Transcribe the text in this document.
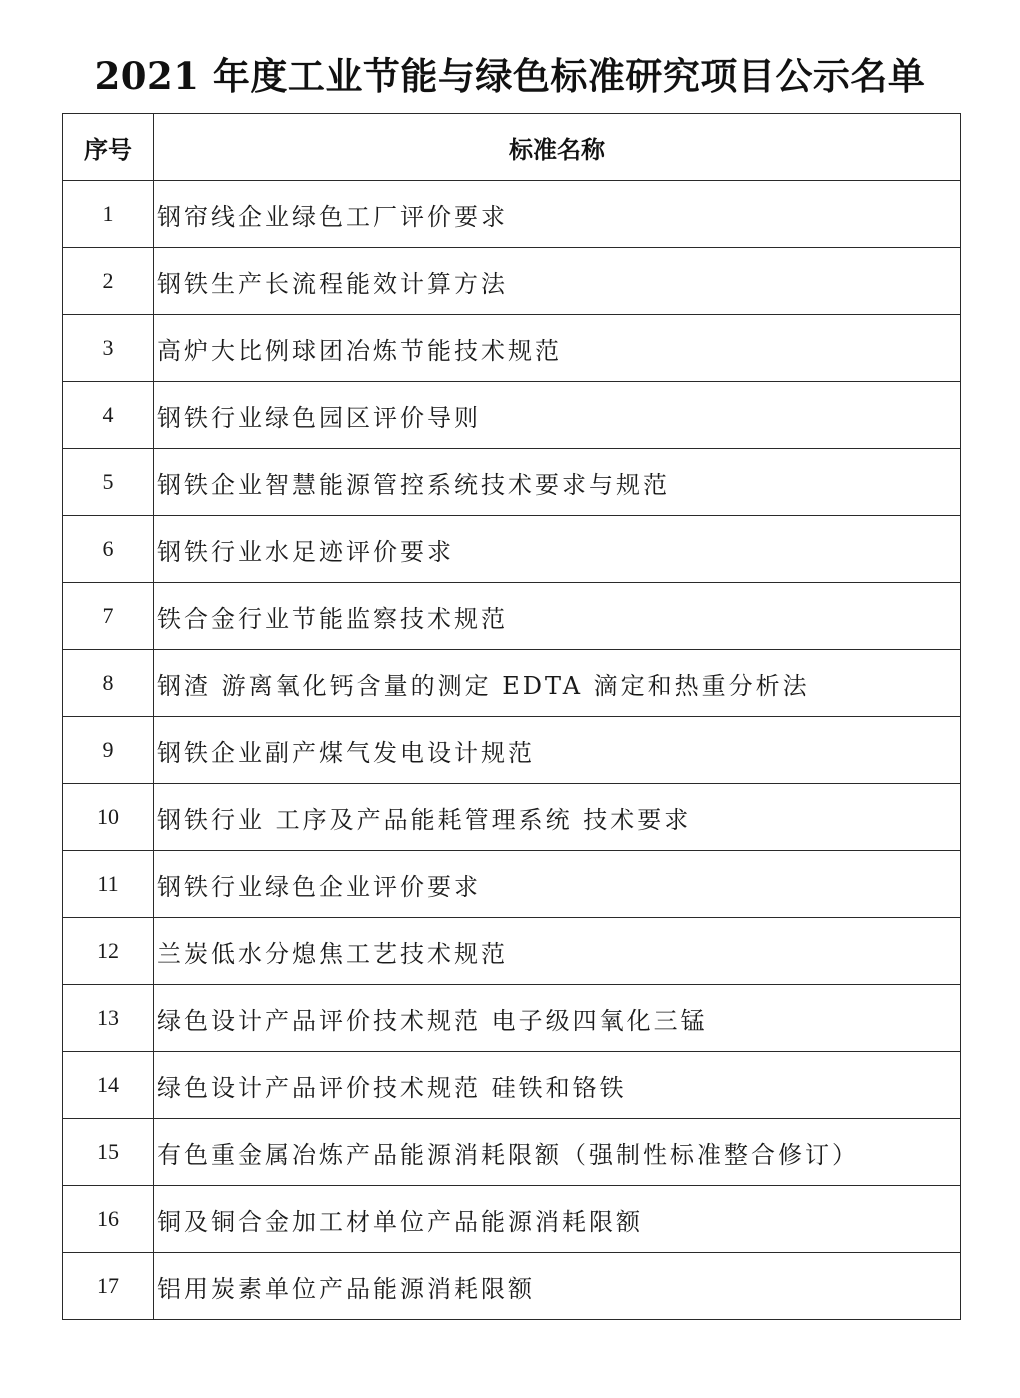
2021 年度工业节能与绿色标准研究项目公示名单
序号	标准名称
1	钢帘线企业绿色工厂评价要求
2	钢铁生产长流程能效计算方法
3	高炉大比例球团冶炼节能技术规范
4	钢铁行业绿色园区评价导则
5	钢铁企业智慧能源管控系统技术要求与规范
6	钢铁行业水足迹评价要求
7	铁合金行业节能监察技术规范
8	钢渣 游离氧化钙含量的测定 EDTA 滴定和热重分析法
9	钢铁企业副产煤气发电设计规范
10	钢铁行业 工序及产品能耗管理系统 技术要求
11	钢铁行业绿色企业评价要求
12	兰炭低水分熄焦工艺技术规范
13	绿色设计产品评价技术规范 电子级四氧化三锰
14	绿色设计产品评价技术规范 硅铁和铬铁
15	有色重金属冶炼产品能源消耗限额（强制性标准整合修订）
16	铜及铜合金加工材单位产品能源消耗限额
17	铝用炭素单位产品能源消耗限额
